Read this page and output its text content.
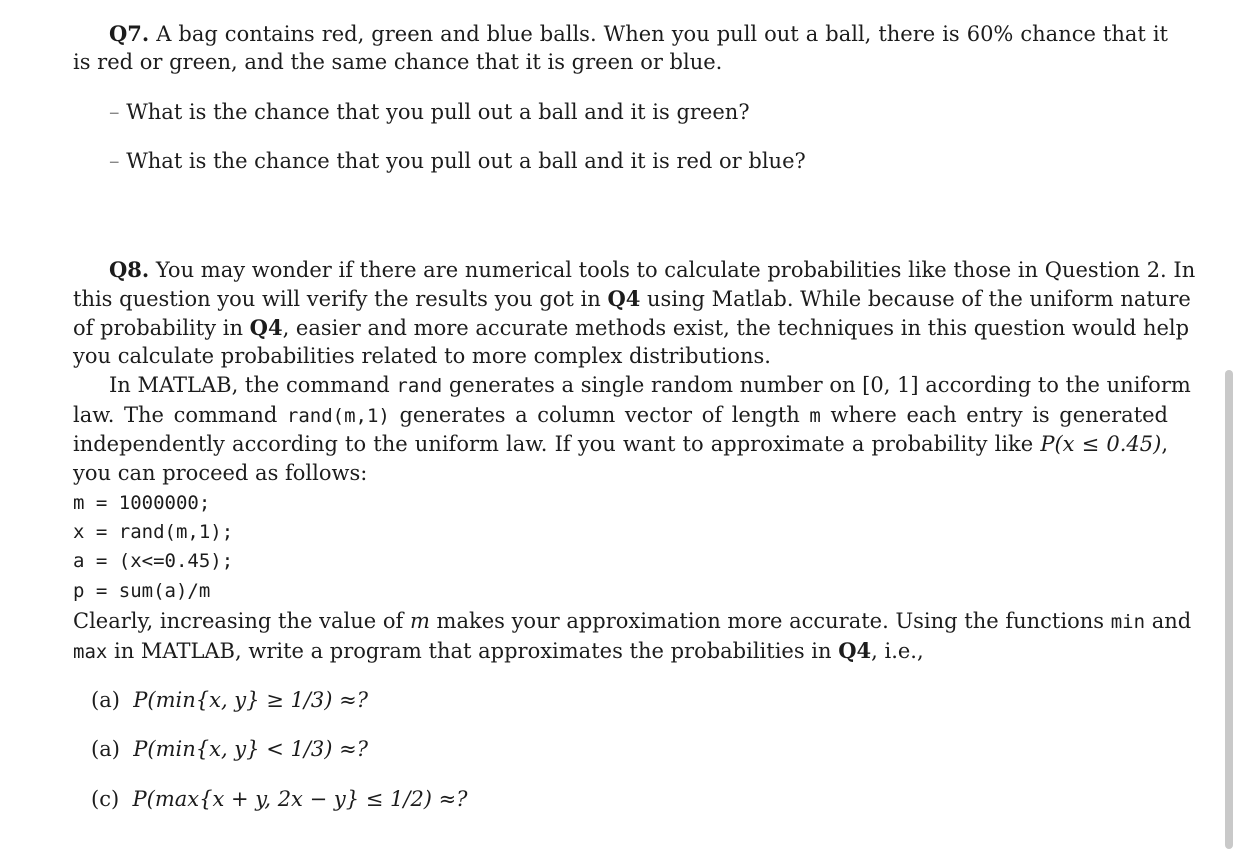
Q7. A bag contains red, green and blue balls. When you pull out a ball, there is 60% chance that it
is red or green, and the same chance that it is green or blue.
– What is the chance that you pull out a ball and it is green?
– What is the chance that you pull out a ball and it is red or blue?
Q8. You may wonder if there are numerical tools to calculate probabilities like those in Question 2. In
this question you will verify the results you got in Q4 using Matlab. While because of the uniform nature
of probability in Q4, easier and more accurate methods exist, the techniques in this question would help
you calculate probabilities related to more complex distributions.
In MATLAB, the command rand generates a single random number on [0, 1] according to the uniform
law. The command rand(m,1) generates a column vector of length m where each entry is generated
independently according to the uniform law. If you want to approximate a probability like P(x ≤ 0.45),
you can proceed as follows:
m = 1000000;
x = rand(m,1);
a = (x<=0.45);
p = sum(a)/m
Clearly, increasing the value of m makes your approximation more accurate. Using the functions min and
max in MATLAB, write a program that approximates the probabilities in Q4, i.e.,
(a) P(min{x, y} ≥ 1/3) ≈?
(a) P(min{x, y} < 1/3) ≈?
(c) P(max{x + y, 2x − y} ≤ 1/2) ≈?
